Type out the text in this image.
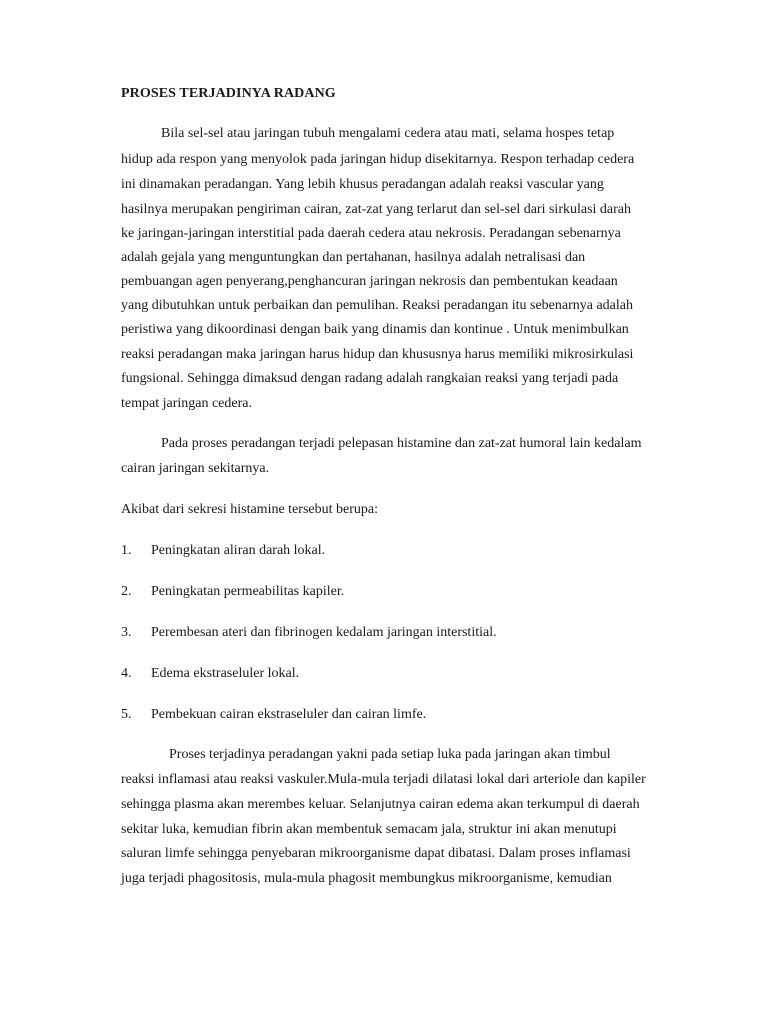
PROSES TERJADINYA RADANG
Bila sel-sel atau jaringan tubuh mengalami cedera atau mati, selama hospes tetap
hidup ada respon yang menyolok pada jaringan hidup disekitarnya. Respon terhadap cedera
ini dinamakan peradangan. Yang lebih khusus peradangan adalah reaksi vascular yang
hasilnya merupakan pengiriman cairan, zat-zat yang terlarut dan sel-sel dari sirkulasi darah
ke jaringan-jaringan interstitial pada daerah cedera atau nekrosis. Peradangan sebenarnya
adalah gejala yang menguntungkan dan pertahanan, hasilnya adalah netralisasi dan
pembuangan agen penyerang,penghancuran jaringan nekrosis dan pembentukan keadaan
yang dibutuhkan untuk perbaikan dan pemulihan. Reaksi peradangan itu sebenarnya adalah
peristiwa yang dikoordinasi dengan baik yang dinamis dan kontinue . Untuk menimbulkan
reaksi peradangan maka jaringan harus hidup dan khususnya harus memiliki mikrosirkulasi
fungsional. Sehingga dimaksud dengan radang adalah rangkaian reaksi yang terjadi pada
tempat jaringan cedera.
Pada proses peradangan terjadi pelepasan histamine dan zat-zat humoral lain kedalam
cairan jaringan sekitarnya.
Akibat dari sekresi histamine tersebut berupa:
1. Peningkatan aliran darah lokal.
2. Peningkatan permeabilitas kapiler.
3. Perembesan ateri dan fibrinogen kedalam jaringan interstitial.
4. Edema ekstraseluler lokal.
5. Pembekuan cairan ekstraseluler dan cairan limfe.
Proses terjadinya peradangan yakni pada setiap luka pada jaringan akan timbul
reaksi inflamasi atau reaksi vaskuler.Mula-mula terjadi dilatasi lokal dari arteriole dan kapiler
sehingga plasma akan merembes keluar. Selanjutnya cairan edema akan terkumpul di daerah
sekitar luka, kemudian fibrin akan membentuk semacam jala, struktur ini akan menutupi
saluran limfe sehingga penyebaran mikroorganisme dapat dibatasi. Dalam proses inflamasi
juga terjadi phagositosis, mula-mula phagosit membungkus mikroorganisme, kemudian
